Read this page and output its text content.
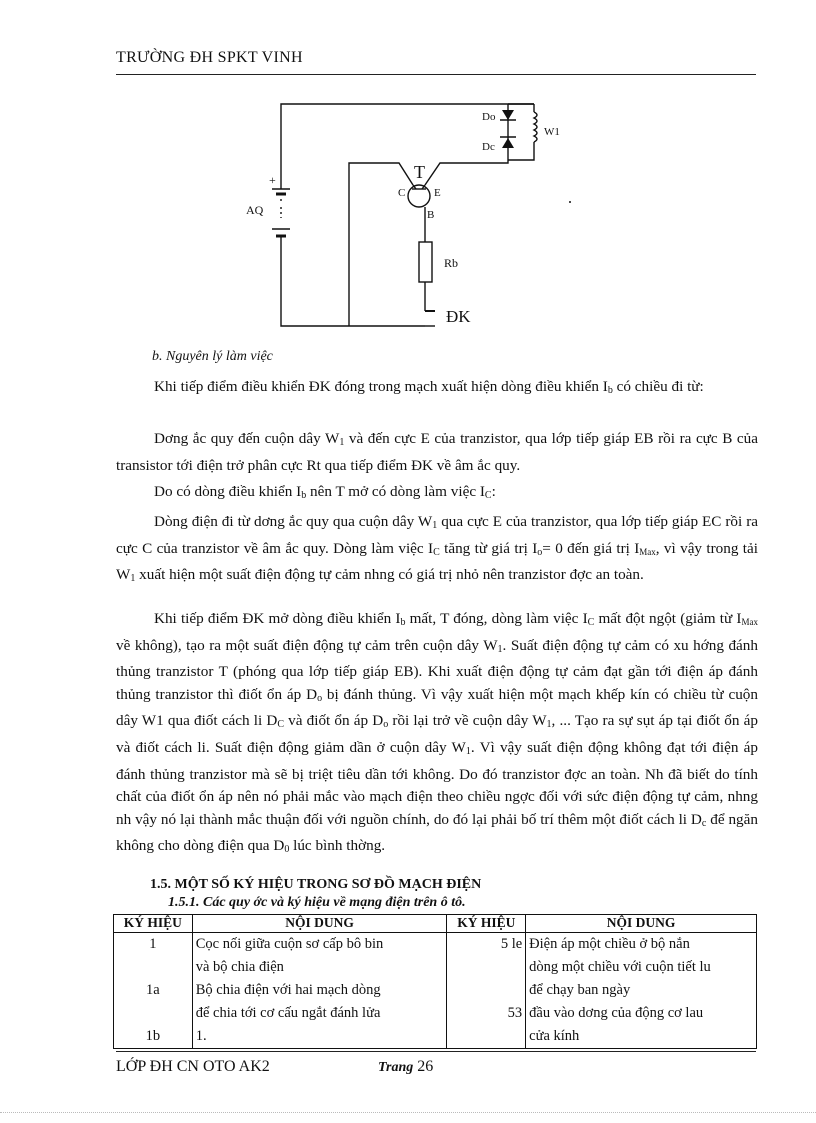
TRƯỜNG ĐH SPKT VINH
Do
Dc
W1
T
C	E
B
AQ
+
Rb
ĐK
b. Nguyên lý làm việc
Khi tiếp điểm điều khiển ĐK đóng trong mạch xuất hiện dòng điều khiển $I_b$ có chiều đi từ:
Dơng ắc quy đến cuộn dây $W_1$ và đến cực E của tranzistor, qua lớp tiếp giáp EB rồi ra cực B của transistor tới điện trở phân cực Rt qua tiếp điểm ĐK về âm ắc quy.
Do có dòng điều khiển $I_b$ nên T mở có dòng làm việc $I_C$:
Dòng điện đi từ dơng ắc quy qua cuộn dây $W_1$ qua cực E của tranzistor, qua lớp tiếp giáp EC rồi ra cực C của tranzistor về âm ắc quy. Dòng làm việc $I_C$ tăng từ giá trị $I_o= 0$ đến giá trị IMax, vì vậy trong tải $W_1$ xuất hiện một suất điện động tự cảm nhng có giá trị nhỏ nên tranzistor đợc an toàn.
Khi tiếp điểm ĐK mở dòng điều khiển $I_b$ mất, T đóng, dòng làm việc $I_C$ mất đột ngột (giảm từ IMax về không), tạo ra một suất điện động tự cảm trên cuộn dây $W_1$. Suất điện động tự cảm có xu hớng đánh thủng tranzistor T (phóng qua lớp tiếp giáp EB). Khi xuất điện động tự cảm đạt gần tới điện áp đánh thủng tranzistor thì điốt ổn áp $D_o$ bị đánh thủng. Vì vậy xuất hiện một mạch khếp kín có chiều từ cuộn dây W1 qua điốt cách li $D_C$ và điốt ổn áp $D_o$ rồi lại trở về cuộn dây $W_1$, ... Tạo ra sự sụt áp tại điốt ổn áp và điốt cách li. Suất điện động giảm dần ở cuộn dây $W_1$. Vì vậy suất điện động không đạt tới điện áp đánh thủng tranzistor mà sẽ bị triệt tiêu dần tới không. Do đó tranzistor đợc an toàn. Nh đã biết do tính chất của điốt ổn áp nên nó phải mắc vào mạch điện theo chiều ngợc đối với sức điện động tự cảm, nhng nh vậy nó lại thành mắc thuận đối với nguồn chính, do đó lại phải bố trí thêm một điốt cách li $D_c$ để ngăn không cho dòng điện qua $D_0$ lúc bình thờng.
1.5. MỘT SỐ KÝ HIỆU TRONG SƠ ĐỒ MẠCH ĐIỆN
1.5.1. Các quy ớc và ký hiệu về mạng điện trên ô tô.
KÝ HIỆU	NỘI DUNG	KÝ HIỆU	NỘI DUNG
1	Cọc nối giữa cuộn sơ cấp bô bin	5 le	Điện áp một chiều ở bộ nắn
	và bộ chia điện		dòng một chiều với cuộn tiết lu
1a	Bộ chia điện với hai mạch dòng		để chạy ban ngày
	để chia tới cơ cấu ngắt đánh lửa	53	đầu vào dơng của động cơ lau
1b	1.		cửa kính
LỚP ĐH CN OTO AK2	Trang 26
